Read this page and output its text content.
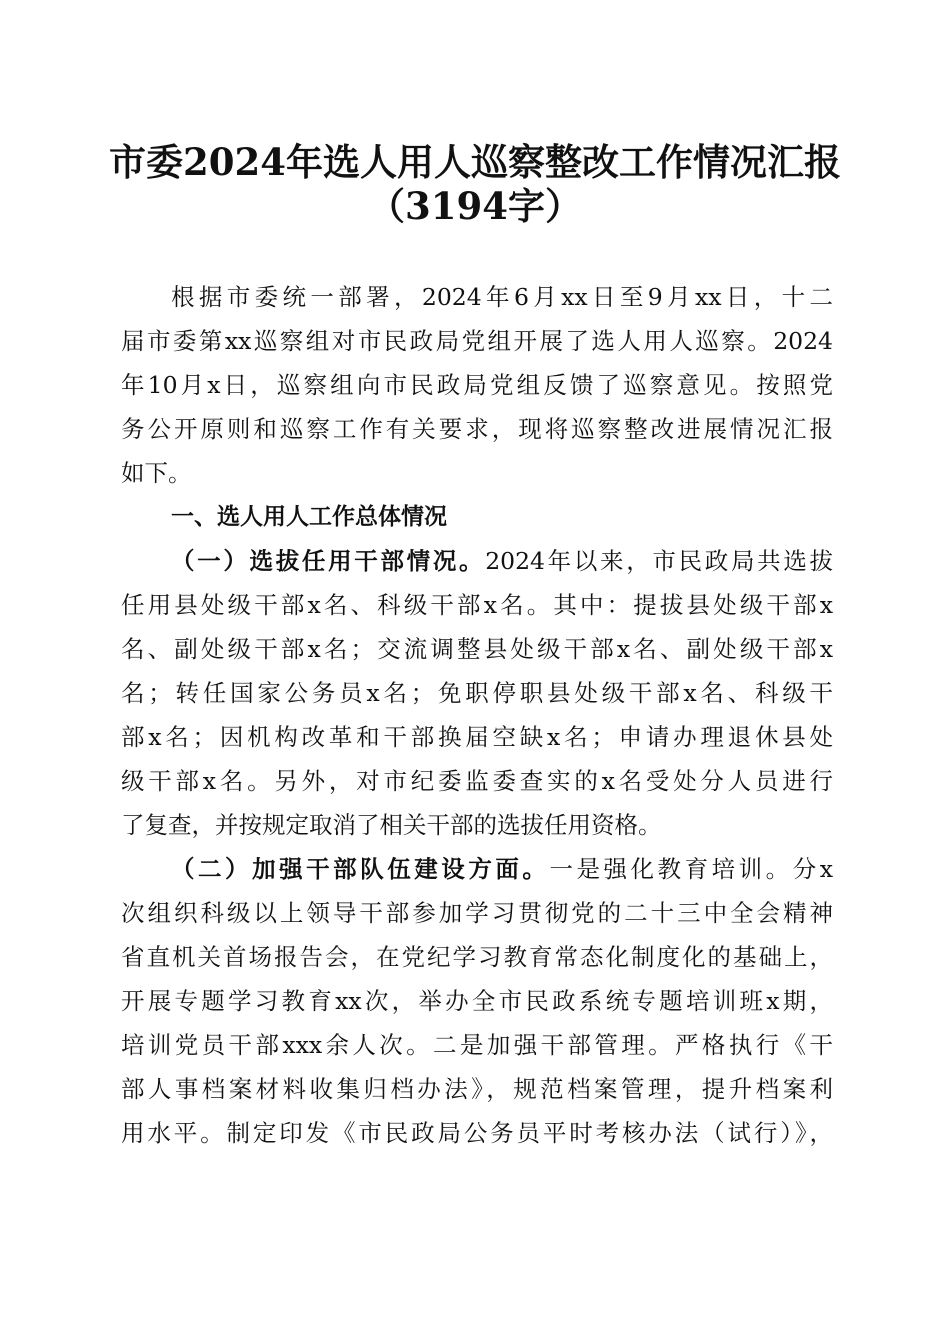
市委2024年选人用人巡察整改工作情况汇报
（3194字）
根据市委统一部署，2024年6月xx日至9月xx日，十二
届市委第xx巡察组对市民政局党组开展了选人用人巡察。2024
年10月x日，巡察组向市民政局党组反馈了巡察意见。按照党
务公开原则和巡察工作有关要求，现将巡察整改进展情况汇报
如下。
一、选人用人工作总体情况
（一）选拔任用干部情况。2024年以来，市民政局共选拔
任用县处级干部x名、科级干部x名。其中：提拔县处级干部x
名、副处级干部x名；交流调整县处级干部x名、副处级干部x
名；转任国家公务员x名；免职停职县处级干部x名、科级干
部x名；因机构改革和干部换届空缺x名；申请办理退休县处
级干部x名。另外，对市纪委监委查实的x名受处分人员进行
了复查，并按规定取消了相关干部的选拔任用资格。
（二）加强干部队伍建设方面。一是强化教育培训。分x
次组织科级以上领导干部参加学习贯彻党的二十三中全会精神
省直机关首场报告会，在党纪学习教育常态化制度化的基础上，
开展专题学习教育xx次，举办全市民政系统专题培训班x期，
培训党员干部xxx余人次。二是加强干部管理。严格执行《干
部人事档案材料收集归档办法》，规范档案管理，提升档案利
用水平。制定印发《市民政局公务员平时考核办法（试行）》，
